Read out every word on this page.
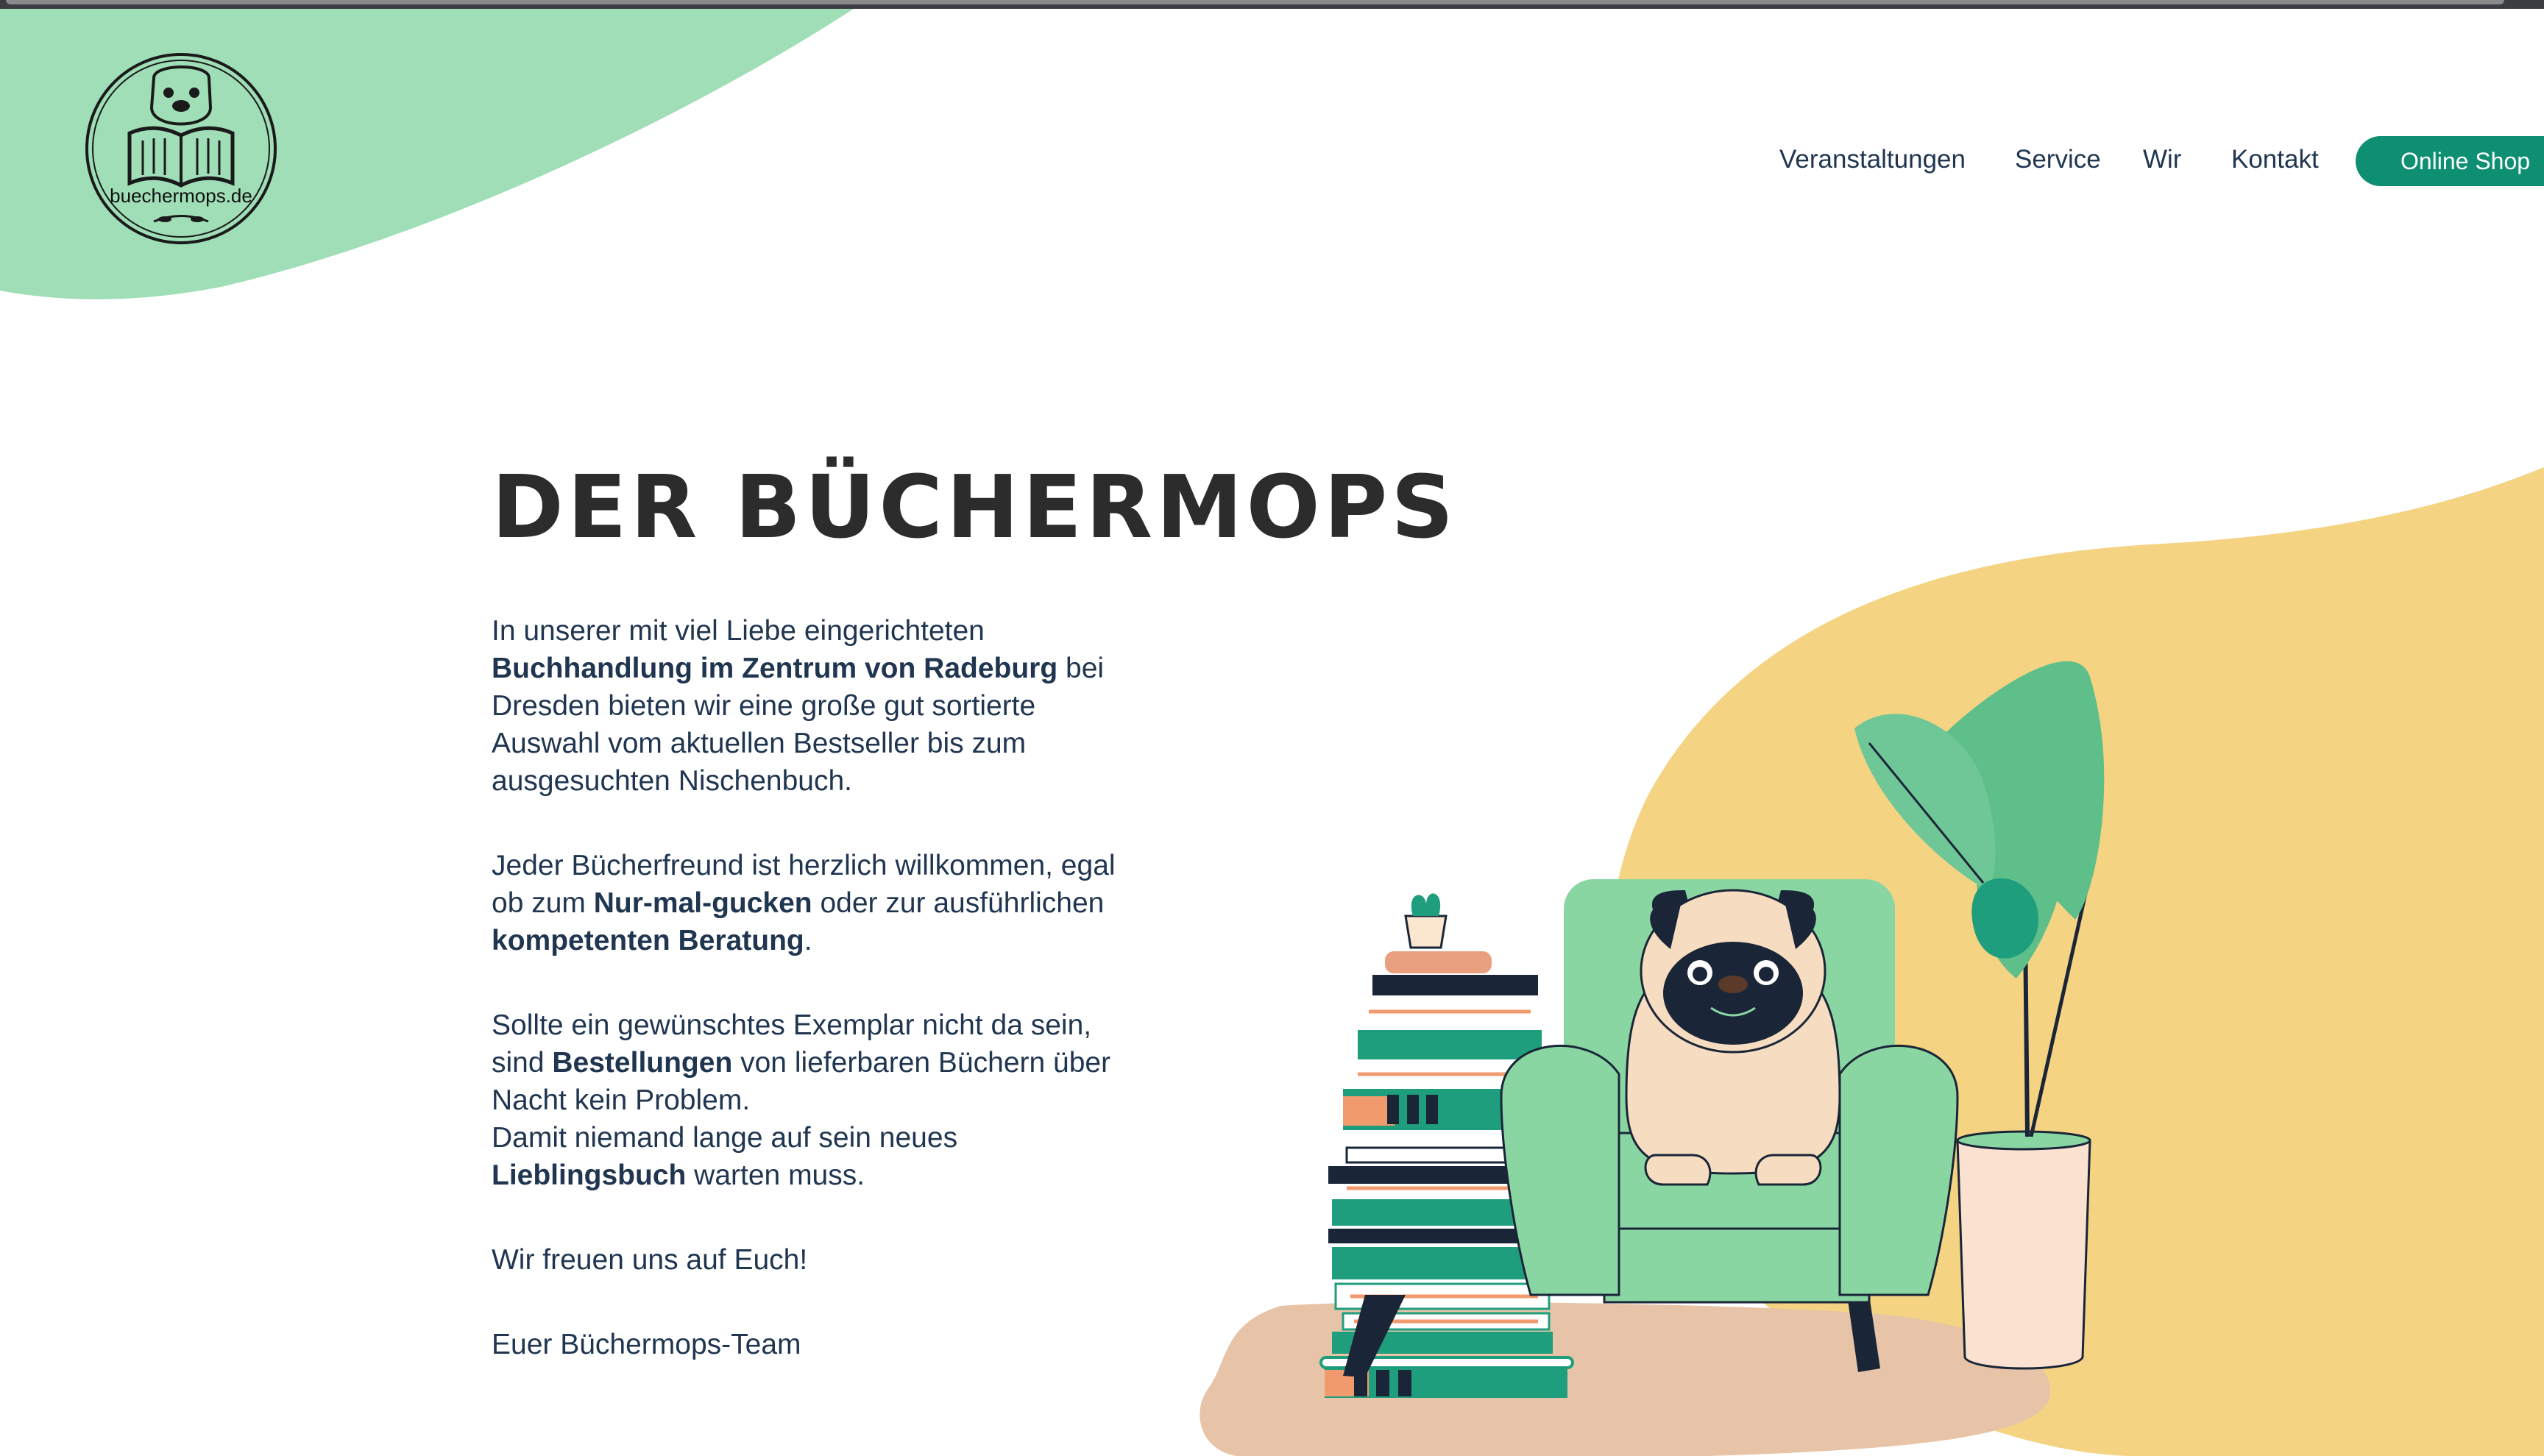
buechermops.de
Veranstaltungen Service Wir Kontakt	Online Shop
DER BÜCHERMOPS

In unserer mit viel Liebe eingerichteten Buchhandlung im Zentrum von Radeburg bei Dresden bieten wir eine große gut sortierte Auswahl vom aktuellen Bestseller bis zum ausgesuchten Nischenbuch.

Jeder Bücherfreund ist herzlich willkommen, egal ob zum Nur-mal-gucken oder zur ausführlichen kompetenten Beratung.

Sollte ein gewünschtes Exemplar nicht da sein, sind Bestellungen von lieferbaren Büchern über Nacht kein Problem.
Damit niemand lange auf sein neues Lieblingsbuch warten muss.

Wir freuen uns auf Euch!

Euer Büchermops-Team
